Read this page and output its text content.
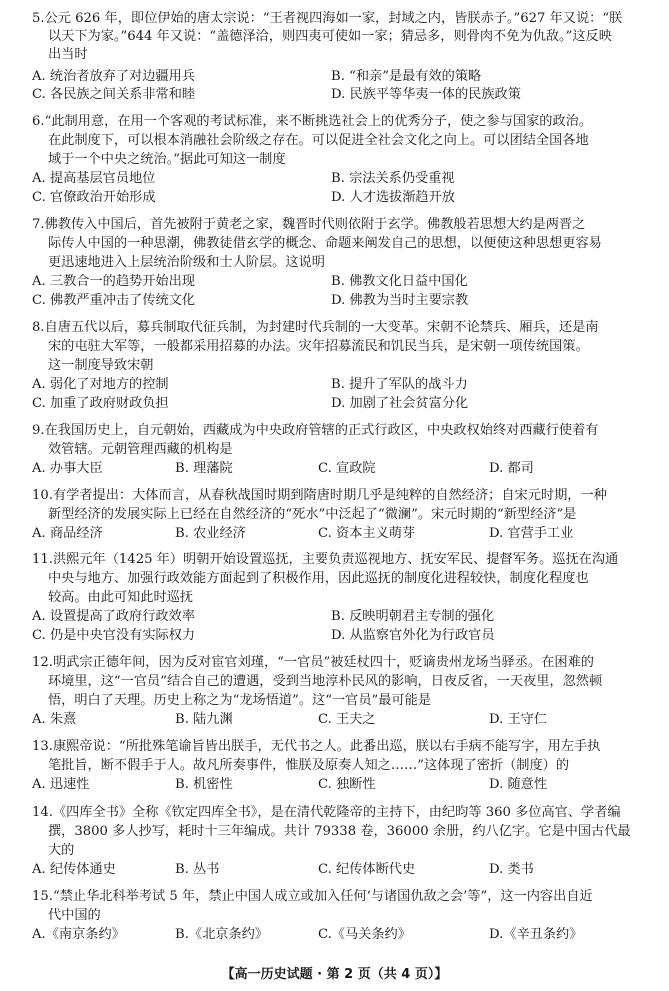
5.公元 626 年，即位伊始的唐太宗说：“王者视四海如一家，封域之内，皆朕赤子。”627 年又说：“朕
以天下为家。”644 年又说：“盖德泽洽，则四夷可使如一家；猜忌多，则骨肉不免为仇敌。”这反映
出当时
A. 统治者放弃了对边疆用兵	B. “和亲”是最有效的策略
C. 各民族之间关系非常和睦	D. 民族平等华夷一体的民族政策
6.“此制用意，在用一个客观的考试标准，来不断挑选社会上的优秀分子，使之参与国家的政治。
在此制度下，可以根本消融社会阶级之存在。可以促进全社会文化之向上。可以团结全国各地
域于一个中央之统治。”据此可知这一制度
A. 提高基层官员地位	B. 宗法关系仍受重视
C. 官僚政治开始形成	D. 人才选拔渐趋开放
7.佛教传入中国后，首先被附于黄老之家，魏晋时代则依附于玄学。佛教般若思想大约是两晋之
际传人中国的一种思潮，佛教徒借玄学的概念、命题来阐发自己的思想，以便使这种思想更容易
更迅速地进入上层统治阶级和士人阶层。这说明
A. 三教合一的趋势开始出现	B. 佛教文化日益中国化
C. 佛教严重冲击了传统文化	D. 佛教为当时主要宗教
8.自唐五代以后，募兵制取代征兵制，为封建时代兵制的一大变革。宋朝不论禁兵、厢兵，还是南
宋的屯驻大军等，一般都采用招募的办法。灾年招募流民和饥民当兵，是宋朝一项传统国策。
这一制度导致宋朝
A. 弱化了对地方的控制	B. 提升了军队的战斗力
C. 加重了政府财政负担	D. 加剧了社会贫富分化
9.在我国历史上，自元朝始，西藏成为中央政府管辖的正式行政区，中央政权始终对西藏行使着有
效管辖。元朝管理西藏的机构是
A. 办事大臣	B. 理藩院	C. 宣政院	D. 都司
10.有学者提出：大体而言，从春秋战国时期到隋唐时期几乎是纯粹的自然经济；自宋元时期，一种
新型经济的发展实际上已经在自然经济的“死水”中泛起了“微澜”。宋元时期的“新型经济”是
A. 商品经济	B. 农业经济	C. 资本主义萌芽	D. 官营手工业
11.洪熙元年（1425 年）明朝开始设置巡抚，主要负责巡视地方、抚安军民、提督军务。巡抚在沟通
中央与地方、加强行政效能方面起到了积极作用，因此巡抚的制度化进程较快，制度化程度也
较高。由此可知此时巡抚
A. 设置提高了政府行政效率	B. 反映明朝君主专制的强化
C. 仍是中央官没有实际权力	D. 从监察官外化为行政官员
12.明武宗正德年间，因为反对宦官刘瑾，“一官员”被廷杖四十，贬谪贵州龙场当驿丞。在困难的
环境里，这“一官员”结合自己的遭遇，受到当地淳朴民风的影响，日夜反省，一天夜里，忽然顿
悟，明白了天理。历史上称之为“龙场悟道”。这“一官员”最可能是
A. 朱熹	B. 陆九渊	C. 王夫之	D. 王守仁
13.康熙帝说：“所批殊笔谕旨皆出朕手，无代书之人。此番出巡，朕以右手病不能写字，用左手执
笔批旨，断不假手于人。故凡所奏事件，惟朕及原奏人知之……”这体现了密折（制度）的
A. 迅速性	B. 机密性	C. 独断性	D. 随意性
14.《四库全书》全称《钦定四库全书》，是在清代乾隆帝的主持下，由纪昀等 360 多位高官、学者编
撰，3800 多人抄写，耗时十三年编成。共计 79338 卷，36000 余册，约八亿字。它是中国古代最
大的
A. 纪传体通史	B. 丛书	C. 纪传体断代史	D. 类书
15.“禁止华北科举考试 5 年，禁止中国人成立或加入任何‘与诸国仇敌之会’等”，这一内容出自近
代中国的
A.《南京条约》	B.《北京条约》	C.《马关条约》	D.《辛丑条约》
【高一历史试题 · 第 2 页（共 4 页）】
